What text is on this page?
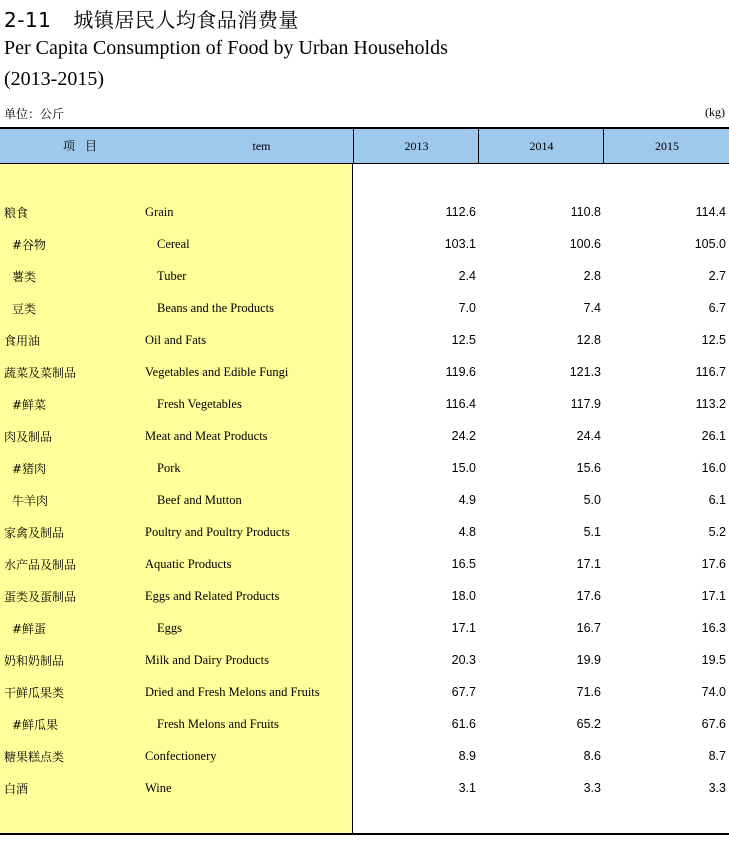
2-11 城镇居民人均食品消费量
Per Capita Consumption of Food by Urban Households
(2013-2015)
单位：公斤	(kg)
项目	tem	2013	2014	2015
粮食	Grain	112.6	110.8	114.4
#谷物	Cereal	103.1	100.6	105.0
薯类	Tuber	2.4	2.8	2.7
豆类	Beans and the Products	7.0	7.4	6.7
食用油	Oil and Fats	12.5	12.8	12.5
蔬菜及菜制品	Vegetables and Edible Fungi	119.6	121.3	116.7
#鲜菜	Fresh Vegetables	116.4	117.9	113.2
肉及制品	Meat and Meat Products	24.2	24.4	26.1
#猪肉	Pork	15.0	15.6	16.0
牛羊肉	Beef and Mutton	4.9	5.0	6.1
家禽及制品	Poultry and Poultry Products	4.8	5.1	5.2
水产品及制品	Aquatic Products	16.5	17.1	17.6
蛋类及蛋制品	Eggs and Related Products	18.0	17.6	17.1
#鲜蛋	Eggs	17.1	16.7	16.3
奶和奶制品	Milk and Dairy Products	20.3	19.9	19.5
干鲜瓜果类	Dried and Fresh Melons and Fruits	67.7	71.6	74.0
#鲜瓜果	Fresh Melons and Fruits	61.6	65.2	67.6
糖果糕点类	Confectionery	8.9	8.6	8.7
白酒	Wine	3.1	3.3	3.3
